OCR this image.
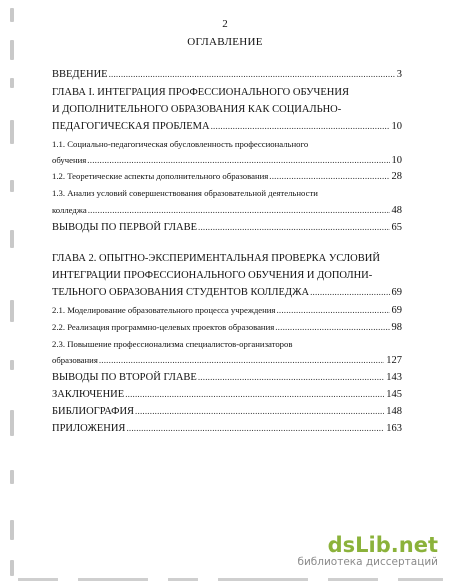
2
ОГЛАВЛЕНИЕ
ВВЕДЕНИЕ .....	3
ГЛАВА I. ИНТЕГРАЦИЯ ПРОФЕССИОНАЛЬНОГО ОБУЧЕНИЯ
И ДОПОЛНИТЕЛЬНОГО ОБРАЗОВАНИЯ КАК СОЦИАЛЬНО-
ПЕДАГОГИЧЕСКАЯ ПРОБЛЕМА .....	10
1.1. Социально-педагогическая обусловленность профессионального
обучения .....	10
1.2. Теоретические аспекты дополнительного образования .....	28
1.3. Анализ условий совершенствования образовательной деятельности
колледжа .....	48
ВЫВОДЫ ПО ПЕРВОЙ ГЛАВЕ .....	65
ГЛАВА 2. ОПЫТНО-ЭКСПЕРИМЕНТАЛЬНАЯ ПРОВЕРКА УСЛОВИЙ
ИНТЕГРАЦИИ ПРОФЕССИОНАЛЬНОГО ОБУЧЕНИЯ И ДОПОЛНИ-
ТЕЛЬНОГО ОБРАЗОВАНИЯ СТУДЕНТОВ КОЛЛЕДЖА .....	69
2.1. Моделирование образовательного процесса учреждения .....	69
2.2. Реализация программно-целевых проектов образования .....	98
2.3. Повышение профессионализма специалистов-организаторов
образования .....	127
ВЫВОДЫ ПО ВТОРОЙ ГЛАВЕ .....	143
ЗАКЛЮЧЕНИЕ .....	145
БИБЛИОГРАФИЯ .....	148
ПРИЛОЖЕНИЯ .....	163
dsLib.net
библиотека диссертаций
